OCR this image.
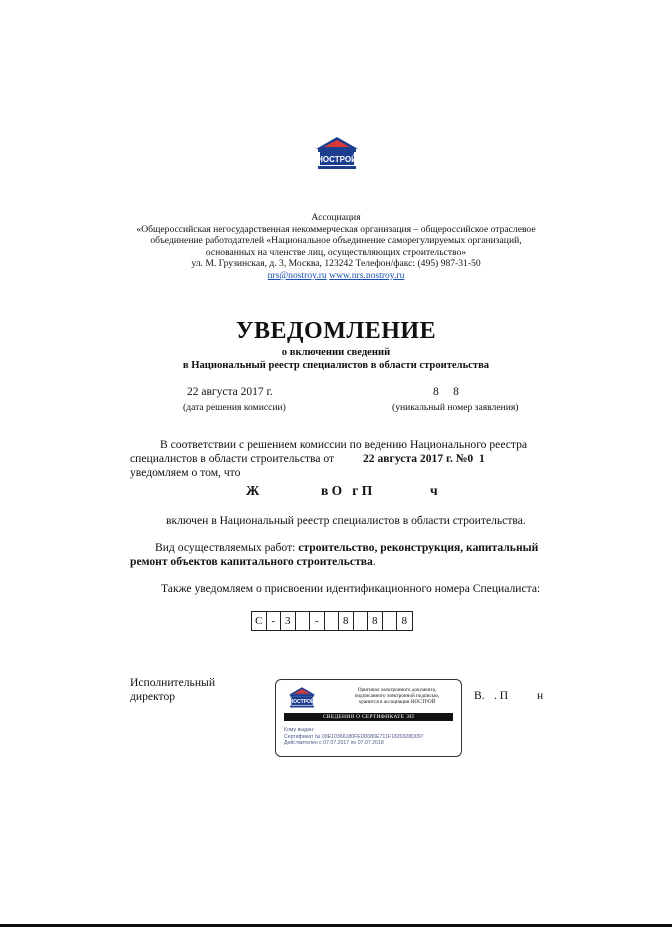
НОСТРОЙ
Ассоциация
«Общероссийская негосударственная некоммерческая организация – общероссийское отраслевое
объединение работодателей «Национальное объединение саморегулируемых организаций,
основанных на членстве лиц, осуществляющих строительство»
ул. М. Грузинская, д. 3, Москва, 123242 Телефон/факс: (495) 987-31-50
nrs@nostroy.ru www.nrs.nostroy.ru
УВЕДОМЛЕНИЕ
о включении сведений
в Национальный реестр специалистов в области строительства
22 августа 2017 г.
(дата решения комиссии)
8     8
(уникальный номер заявления)
В соответствии с решением комиссии по ведению Национального реестра
специалистов в области строительства от 22 августа 2017 г. №0  1
уведомляем о том, что
Ж	в О   г П	ч
включен в Национальный реестр специалистов в области строительства.
Вид осуществляемых работ: строительство, реконструкция, капитальный
ремонт объектов капитального строительства.
Также уведомляем о присвоении идентификационного номера Специалиста:
С - 3	-	8	8	8
Исполнительный
директор	НОСТРОЙ
Оригинал электронного документа,
подписанного электронной подписью,
хранится в ассоциации НОСТРОЙ
СВЕДЕНИЯ О СЕРТИФИКАТЕ ЭП
Кому выдан:
Сертификат № 00E10366180FE0D080E711F1820328D097
Действителен с 07.07.2017 по 07.07.2018
В. . П н
